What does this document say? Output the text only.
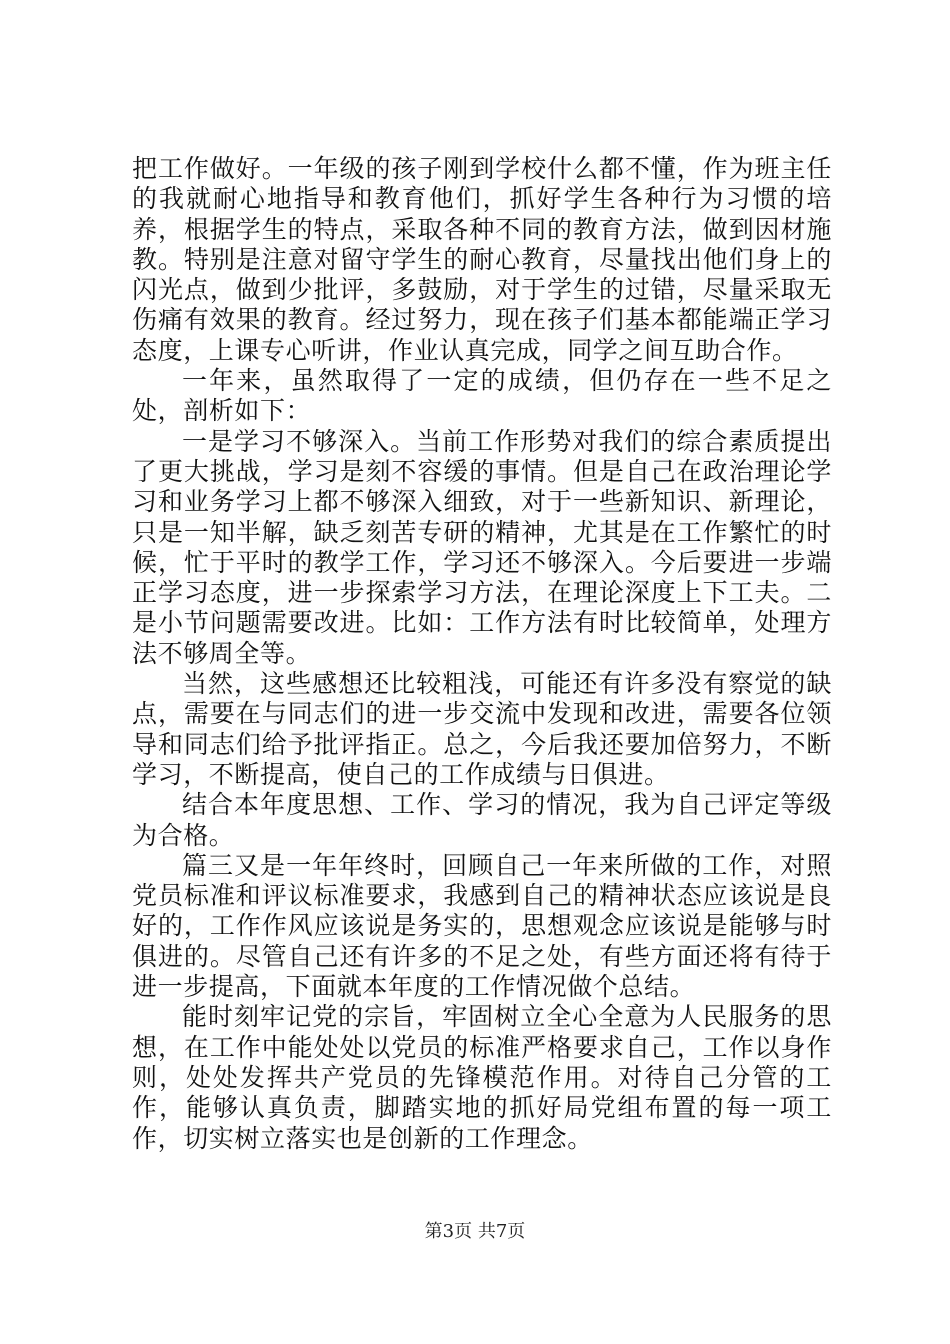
把工作做好。一年级的孩子刚到学校什么都不懂，作为班主任的我就耐心地指导和教育他们，抓好学生各种行为习惯的培养，根据学生的特点，采取各种不同的教育方法，做到因材施教。特别是注意对留守学生的耐心教育，尽量找出他们身上的闪光点，做到少批评，多鼓励，对于学生的过错，尽量采取无伤痛有效果的教育。经过努力，现在孩子们基本都能端正学习态度，上课专心听讲，作业认真完成，同学之间互助合作。

一年来，虽然取得了一定的成绩，但仍存在一些不足之处，剖析如下：

一是学习不够深入。当前工作形势对我们的综合素质提出了更大挑战，学习是刻不容缓的事情。但是自己在政治理论学习和业务学习上都不够深入细致，对于一些新知识、新理论，只是一知半解，缺乏刻苦专研的精神，尤其是在工作繁忙的时候，忙于平时的教学工作，学习还不够深入。今后要进一步端正学习态度，进一步探索学习方法，在理论深度上下工夫。二是小节问题需要改进。比如：工作方法有时比较简单，处理方法不够周全等。

当然，这些感想还比较粗浅，可能还有许多没有察觉的缺点，需要在与同志们的进一步交流中发现和改进，需要各位领导和同志们给予批评指正。总之，今后我还要加倍努力，不断学习，不断提高，使自己的工作成绩与日俱进。

结合本年度思想、工作、学习的情况，我为自己评定等级为合格。

篇三又是一年年终时，回顾自己一年来所做的工作，对照党员标准和评议标准要求，我感到自己的精神状态应该说是良好的，工作作风应该说是务实的，思想观念应该说是能够与时俱进的。尽管自己还有许多的不足之处，有些方面还将有待于进一步提高，下面就本年度的工作情况做个总结。

能时刻牢记党的宗旨，牢固树立全心全意为人民服务的思想，在工作中能处处以党员的标准严格要求自己，工作以身作则，处处发挥共产党员的先锋模范作用。对待自己分管的工作，能够认真负责，脚踏实地的抓好局党组布置的每一项工作，切实树立落实也是创新的工作理念。

第3页 共7页
